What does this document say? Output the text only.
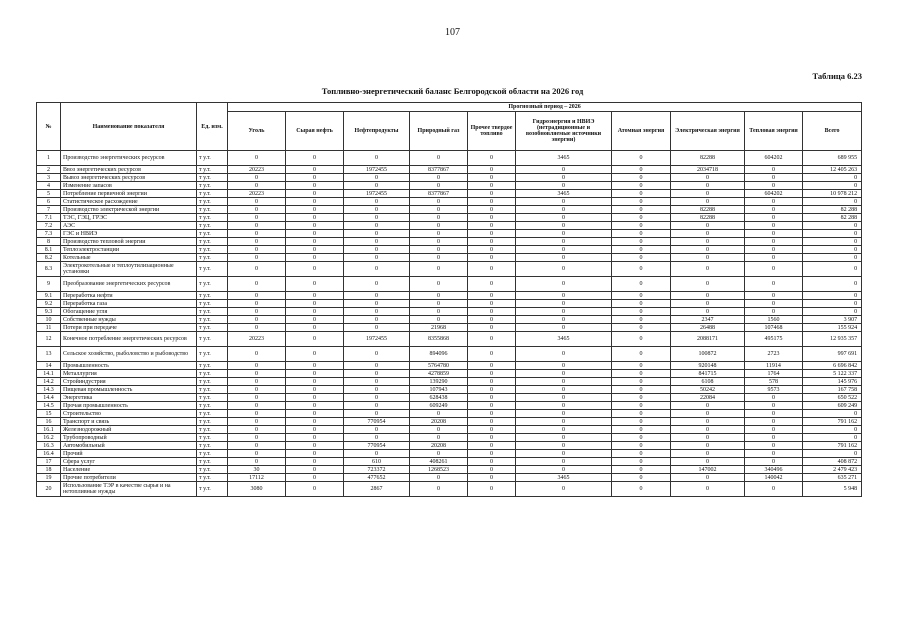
107
Таблица 6.23
Топливно-энергетический баланс Белгородской области на 2026 год
№	Наименование показателя	Ед. изм.	Прогнозный период – 2026									
			Уголь	Сырая нефть	Нефтепродукты	Природный газ	Прочее твердое топливо	Гидроэнергия и НВИЭ (нетрадиционные и возобновляемые источники энергии)	Атомная энергия	Электрическая энергия	Тепловая энергия	Всего
1	Производство энергетических ресурсов	т у.т.	0	0	0	0	0	3465	0	82288	604202	689 955
2	Ввоз энергетических ресурсов	т у.т.	20223	0	1972455	8377867	0	0	0	2034718	0	12 405 263
3	Вывоз энергетических ресурсов	т у.т.	0	0	0	0	0	0	0	0	0	0
4	Изменение запасов	т у.т.	0	0	0	0	0	0	0	0	0	0
5	Потребление первичной энергии	т у.т.	20223	0	1972455	8377867	0	3465	0	0	604202	10 978 212
6	Статистическое расхождение	т у.т.	0	0	0	0	0	0	0	0	0	0
7	Производство электрической энергии	т у.т.	0	0	0	0	0	0	0	82288	0	82 288
7.1	ТЭС, ГЭЦ, ГРЭС	т у.т.	0	0	0	0	0	0	0	82288	0	82 288
7.2	АЭС	т у.т.	0	0	0	0	0	0	0	0	0	0
7.3	ГЭС и НВИЭ	т у.т.	0	0	0	0	0	0	0	0	0	0
8	Производство тепловой энергии	т у.т.	0	0	0	0	0	0	0	0	0	0
8.1	Теплоэлектростанции	т у.т.	0	0	0	0	0	0	0	0	0	0
8.2	Котельные	т у.т.	0	0	0	0	0	0	0	0	0	0
8.3	Электрокотельные и теплоутилизационные установки	т у.т.	0	0	0	0	0	0	0	0	0	0
9	Преобразование энергетических ресурсов	т у.т.	0	0	0	0	0	0	0	0	0	0
9.1	Переработка нефти	т у.т.	0	0	0	0	0	0	0	0	0	0
9.2	Переработка газа	т у.т.	0	0	0	0	0	0	0	0	0	0
9.3	Обогащение угля	т у.т.	0	0	0	0	0	0	0	0	0	0
10	Собственные нужды	т у.т.	0	0	0	0	0	0	0	2347	1560	3 907
11	Потери при передаче	т у.т.	0	0	0	21968	0	0	0	26488	107468	155 924
12	Конечное потребление энергетических ресурсов	т у.т.	20223	0	1972455	8355868	0	3465	0	2088171	495175	12 935 357
13	Сельское хозяйство, рыболовство и рыбоводство	т у.т.	0	0	0	894096	0	0	0	100872	2723	997 691
14	Промышленность	т у.т.	0	0	0	5764780	0	0	0	920148	11914	6 696 842
14.1	Металлургия	т у.т.	0	0	0	4278859	0	0	0	841715	1764	5 122 337
14.2	Стройиндустрия	т у.т.	0	0	0	139290	0	0	0	6108	578	145 976
14.3	Пищевая промышленность	т у.т.	0	0	0	107943	0	0	0	50242	9573	167 758
14.4	Энергетика	т у.т.	0	0	0	628438	0	0	0	22084	0	650 522
14.5	Прочая промышленность	т у.т.	0	0	0	609249	0	0	0	0	0	609 249
15	Строительство	т у.т.	0	0	0	0	0	0	0	0	0	0
16	Транспорт и связь	т у.т.	0	0	770954	20208	0	0	0	0	0	791 162
16.1	Железнодорожный	т у.т.	0	0	0	0	0	0	0	0	0	0
16.2	Трубопроводный	т у.т.	0	0	0	0	0	0	0	0	0	0
16.3	Автомобильный	т у.т.	0	0	770954	20208	0	0	0	0	0	791 162
16.4	Прочий	т у.т.	0	0	0	0	0	0	0	0	0	0
17	Сфера услуг	т у.т.	0	0	610	408261	0	0	0	0	0	408 872
18	Население	т у.т.	30	0	723372	1268523	0	0	0	147002	340496	2 479 423
19	Прочие потребители	т у.т.	17112	0	477652	0	0	3465	0	0	140042	635 271
20	Использование ТЭР в качестве сырья и на нетопливные нужды	т у.т.	3080	0	2867	0	0	0	0	0	0	5 948
